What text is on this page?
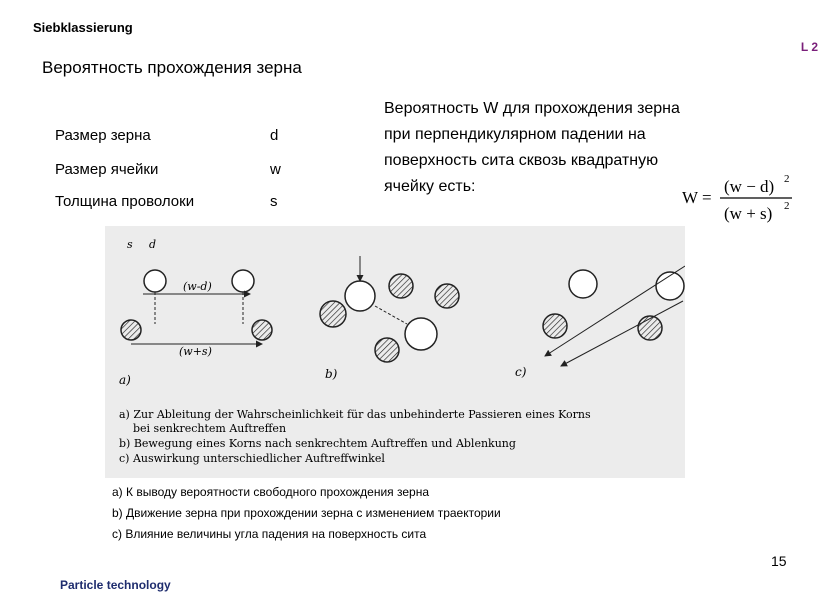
Siebklassierung
L 2
Вероятность прохождения зерна
Размер зерна	d
Размер ячейки	w
Толщина проволоки	s
Вероятность W для прохождения зерна при перпендикулярном падении на поверхность сита сквозь квадратную ячейку есть:
W =
(w − d) 2
(w + s) 2
s d
(w-d)
(w+s)
a)	b)	c)
a) Zur Ableitung der Wahrscheinlichkeit für das unbehinderte Passieren eines Korns
bei senkrechtem Auftreffen
b) Bewegung eines Korns nach senkrechtem Auftreffen und Ablenkung
c) Auswirkung unterschiedlicher Auftreffwinkel
а) К выводу вероятности свободного прохождения зерна
b) Движение зерна при прохождении зерна с изменением траектории
с) Влияние величины угла падения на поверхность сита
15
Particle technology
